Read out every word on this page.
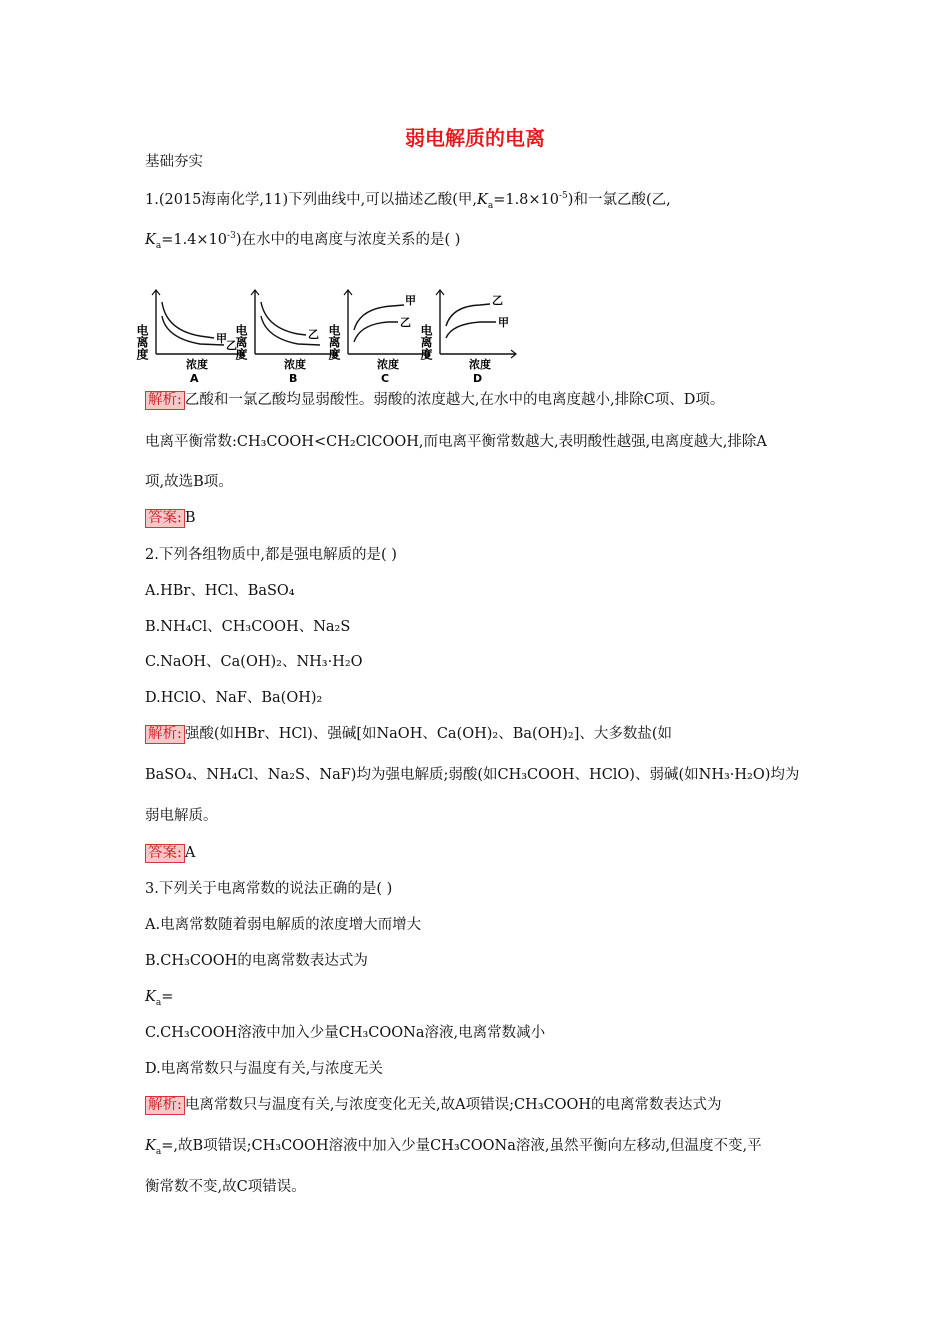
弱电解质的电离
基础夯实
1.(2015海南化学,11)下列曲线中,可以描述乙酸(甲$,K_a=1.8\times 10^{-5}$)和一氯乙酸(乙,
$K_a=1.4\times 10^{-3}$)在水中的电离度与浓度关系的是( )
电离度	甲
乙
浓度
A
电离度	乙
浓度
B
电离度
甲
乙
浓度
C
电离度
乙
甲
浓度
D
解析: 乙酸和一氯乙酸均显弱酸性。弱酸的浓度越大,在水中的电离度越小,排除C项、D项。
电离平衡常数:CH₃COOH<CH₂ClCOOH,而电离平衡常数越大,表明酸性越强,电离度越大,排除A
项,故选B项。
答案: B
2.下列各组物质中,都是强电解质的是( )
A.HBr、HCl、BaSO₄
B.NH₄Cl、CH₃COOH、Na₂S
C.NaOH、Ca(OH)₂、NH₃·H₂O
D.HClO、NaF、Ba(OH)₂
解析: 强酸(如HBr、HCl)、强碱[如NaOH、Ca(OH)₂、Ba(OH)₂]、大多数盐(如
BaSO₄、NH₄Cl、Na₂S、NaF)均为强电解质;弱酸(如CH₃COOH、HClO)、弱碱(如NH₃·H₂O)均为
弱电解质。
答案: A
3.下列关于电离常数的说法正确的是( )
A.电离常数随着弱电解质的浓度增大而增大
B.CH₃COOH的电离常数表达式为
$K_a=$
C.CH₃COOH溶液中加入少量CH₃COONa溶液,电离常数减小
D.电离常数只与温度有关,与浓度无关
解析: 电离常数只与温度有关,与浓度变化无关,故A项错误;CH₃COOH的电离常数表达式为
$K_a=$,故B项错误;CH₃COOH溶液中加入少量CH₃COONa溶液,虽然平衡向左移动,但温度不变,平
衡常数不变,故C项错误。
